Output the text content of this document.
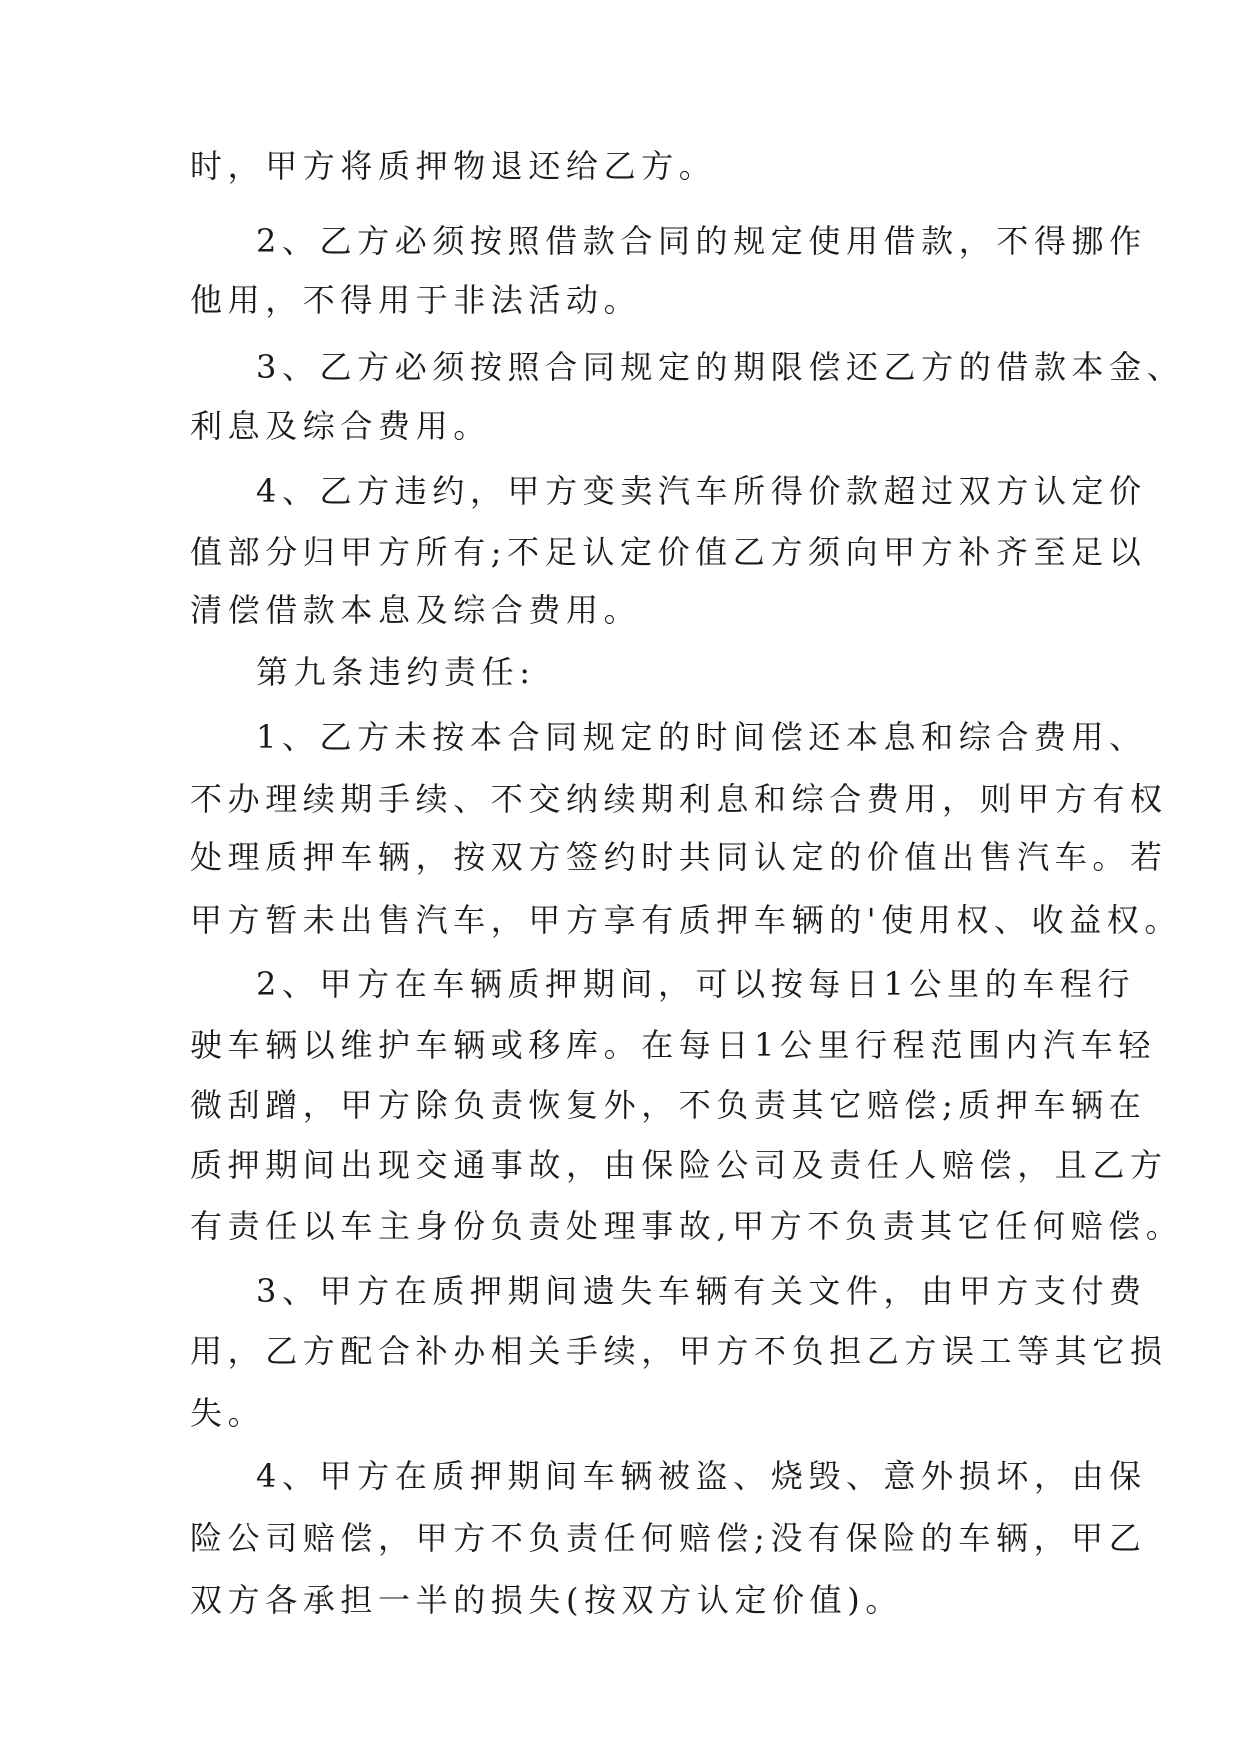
时，甲方将质押物退还给乙方。
2、乙方必须按照借款合同的规定使用借款，不得挪作
他用，不得用于非法活动。
3、乙方必须按照合同规定的期限偿还乙方的借款本金、
利息及综合费用。
4、乙方违约，甲方变卖汽车所得价款超过双方认定价
值部分归甲方所有;不足认定价值乙方须向甲方补齐至足以
清偿借款本息及综合费用。
第九条违约责任:
1、乙方未按本合同规定的时间偿还本息和综合费用、
不办理续期手续、不交纳续期利息和综合费用，则甲方有权
处理质押车辆，按双方签约时共同认定的价值出售汽车。若
甲方暂未出售汽车，甲方享有质押车辆的'使用权、收益权。
2、甲方在车辆质押期间，可以按每日1公里的车程行
驶车辆以维护车辆或移库。在每日1公里行程范围内汽车轻
微刮蹭，甲方除负责恢复外，不负责其它赔偿;质押车辆在
质押期间出现交通事故，由保险公司及责任人赔偿，且乙方
有责任以车主身份负责处理事故,甲方不负责其它任何赔偿。
3、甲方在质押期间遗失车辆有关文件，由甲方支付费
用，乙方配合补办相关手续，甲方不负担乙方误工等其它损
失。
4、甲方在质押期间车辆被盗、烧毁、意外损坏，由保
险公司赔偿，甲方不负责任何赔偿;没有保险的车辆，甲乙
双方各承担一半的损失(按双方认定价值)。
